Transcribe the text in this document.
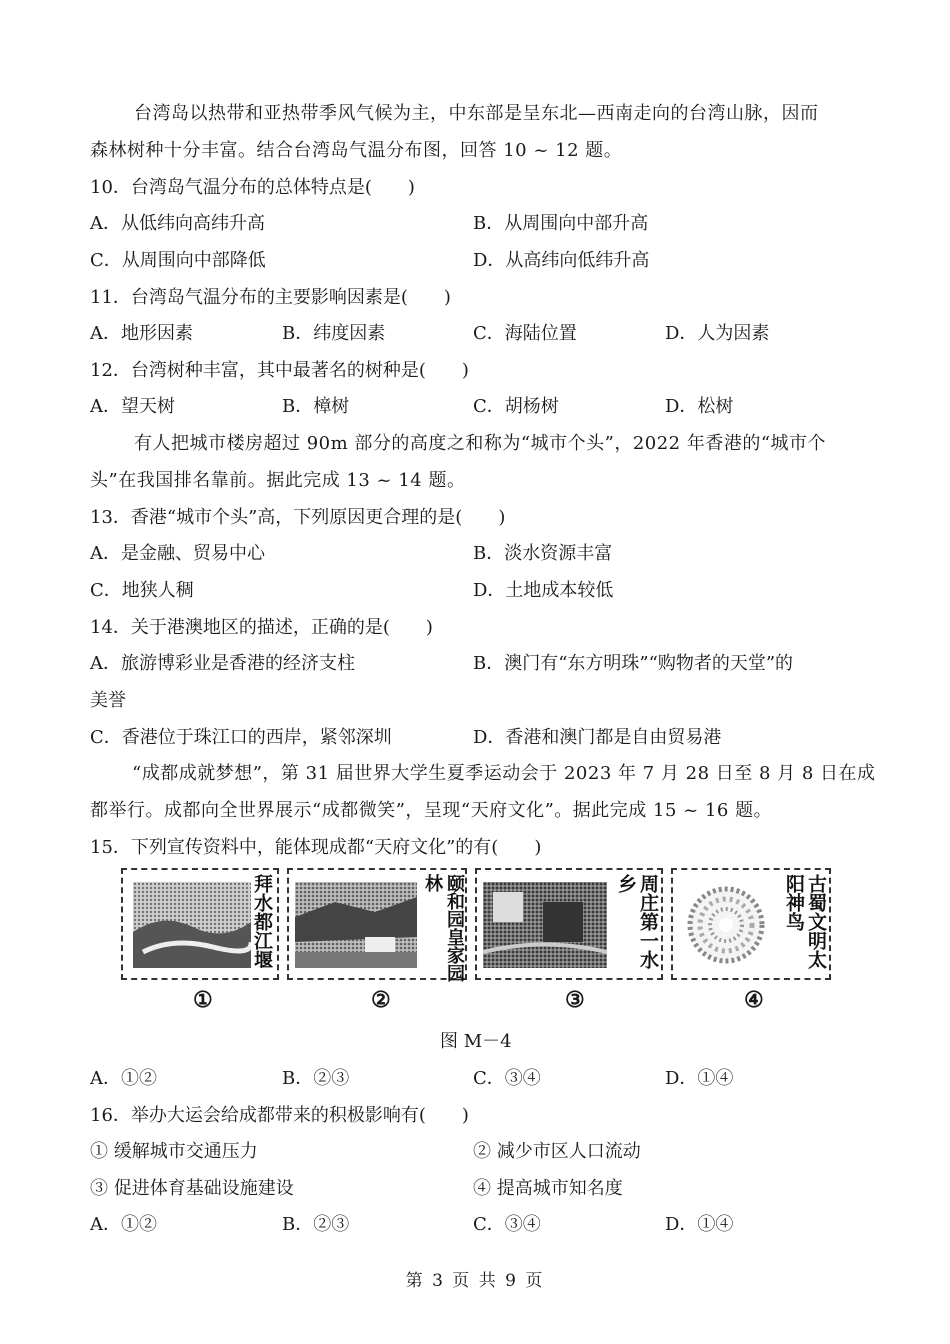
台湾岛以热带和亚热带季风气候为主，中东部是呈东北—西南走向的台湾山脉，因而
森林树种十分丰富。结合台湾岛气温分布图，回答 10 ~ 12 题。
10．台湾岛气温分布的总体特点是(　　)
A．从低纬向高纬升高	B．从周围向中部升高
C．从周围向中部降低	D．从高纬向低纬升高
11．台湾岛气温分布的主要影响因素是(　　)
A．地形因素	B．纬度因素	C．海陆位置	D．人为因素
12．台湾树种丰富，其中最著名的树种是(　　)
A．望天树	B．樟树	C．胡杨树	D．松树
有人把城市楼房超过 90m 部分的高度之和称为“城市个头”，2022 年香港的“城市个
头”在我国排名靠前。据此完成 13 ~ 14 题。
13．香港“城市个头”高，下列原因更合理的是(　　)
A．是金融、贸易中心	B．淡水资源丰富
C．地狭人稠	D．土地成本较低
14．关于港澳地区的描述，正确的是(　　)
A．旅游博彩业是香港的经济支柱	B．澳门有“东方明珠”“购物者的天堂”的
美誉
C．香港位于珠江口的西岸，紧邻深圳	D．香港和澳门都是自由贸易港
“成都成就梦想”，第 31 届世界大学生夏季运动会于 2023 年 7 月 28 日至 8 月 8 日在成
都举行。成都向全世界展示“成都微笑”，呈现“天府文化”。据此完成 15 ~ 16 题。
15．下列宣传资料中，能体现成都“天府文化”的有(　　)
拜水都江堰	颐和园皇家园林	周庄第一水乡	古蜀文明太阳神鸟
①	②	③	④
图 M－4
A．①②	B．②③	C．③④	D．①④
16．举办大运会给成都带来的积极影响有(　　)
① 缓解城市交通压力	② 减少市区人口流动
③ 促进体育基础设施建设	④ 提高城市知名度
A．①②	B．②③	C．③④	D．①④
第 3 页 共 9 页
